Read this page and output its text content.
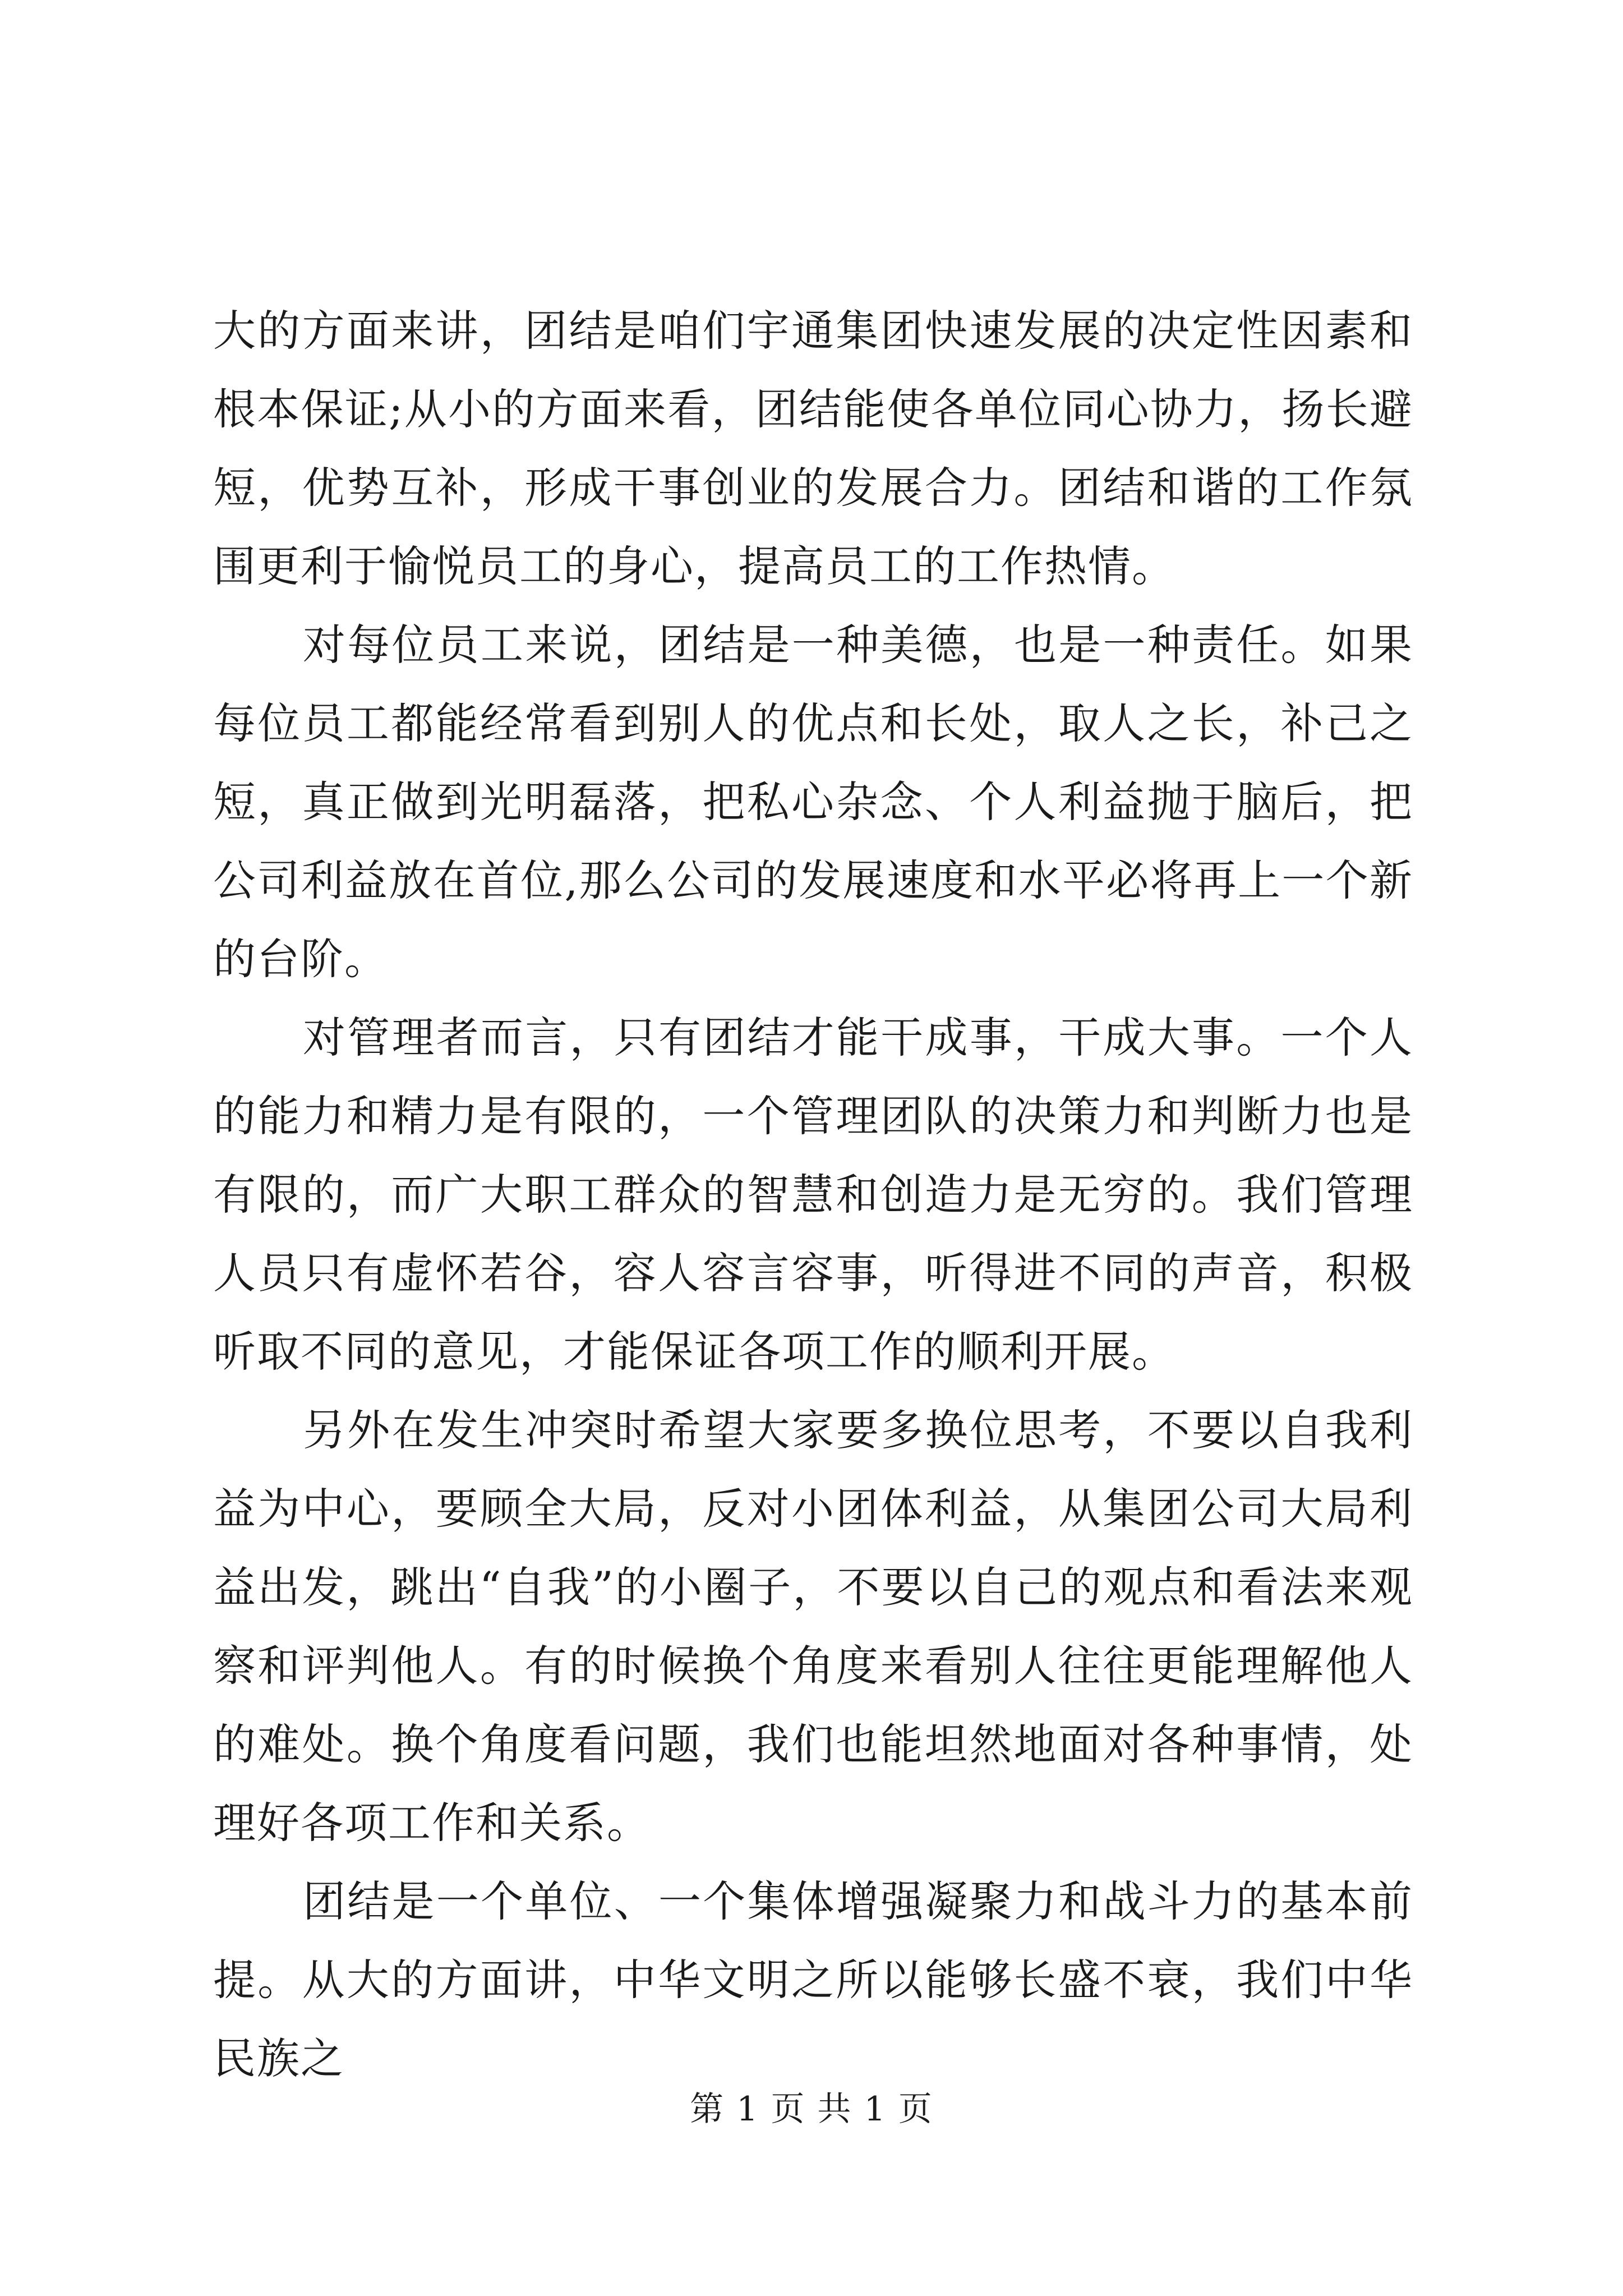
大的方面来讲，团结是咱们宇通集团快速发展的决定性因素和根本保证;从小的方面来看，团结能使各单位同心协力，扬长避短，优势互补，形成干事创业的发展合力。团结和谐的工作氛围更利于愉悦员工的身心，提高员工的工作热情。

对每位员工来说，团结是一种美德，也是一种责任。如果每位员工都能经常看到别人的优点和长处，取人之长，补己之短，真正做到光明磊落，把私心杂念、个人利益抛于脑后，把公司利益放在首位,那么公司的发展速度和水平必将再上一个新的台阶。

对管理者而言，只有团结才能干成事，干成大事。一个人的能力和精力是有限的，一个管理团队的决策力和判断力也是有限的，而广大职工群众的智慧和创造力是无穷的。我们管理人员只有虚怀若谷，容人容言容事，听得进不同的声音，积极听取不同的意见，才能保证各项工作的顺利开展。

另外在发生冲突时希望大家要多换位思考，不要以自我利益为中心，要顾全大局，反对小团体利益，从集团公司大局利益出发，跳出“自我”的小圈子，不要以自己的观点和看法来观察和评判他人。有的时候换个角度来看别人往往更能理解他人的难处。换个角度看问题，我们也能坦然地面对各种事情，处理好各项工作和关系。

团结是一个单位、一个集体增强凝聚力和战斗力的基本前提。从大的方面讲，中华文明之所以能够长盛不衰，我们中华民族之

第 1 页 共 1 页
